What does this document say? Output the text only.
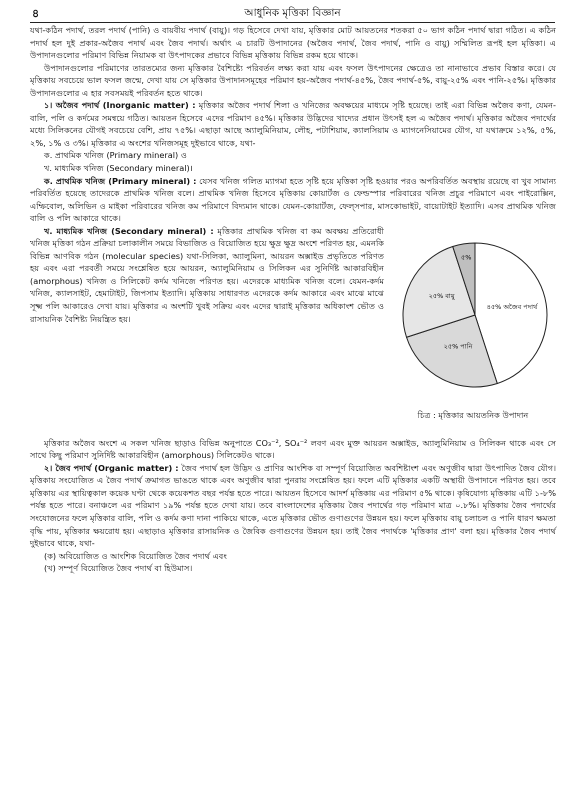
৪	আধুনিক মৃত্তিকা বিজ্ঞান

যথা-কঠিন পদার্থ, তরল পদার্থ (পানি) ও বায়বীয় পদার্থ (বায়ু)। গড় হিসেবে দেখা যায়, মৃত্তিকার মোট আয়তনের শতকরা ৫০ ভাগ কঠিন পদার্থ দ্বারা গঠিত। এ কঠিন পদার্থ হল দুই প্রকার-অজৈব পদার্থ এবং জৈব পদার্থ। অর্থাৎ এ চারটি উপাদানের (অজৈব পদার্থ, জৈব পদার্থ, পানি ও বায়ু) সম্মিলিত রূপই হল মৃত্তিকা। এ উপাদানগুলোর পরিমাণ বিভিন্ন নিয়ামক বা উৎপাদকের প্রভাবে বিভিন্ন মৃত্তিকায় বিভিন্ন রকম হয়ে থাকে।

উপাদানগুলোর পরিমাণের তারতম্যের জন্য মৃত্তিকার বৈশিষ্ট্যে পরিবর্তন লক্ষ্য করা যায় এবং ফসল উৎপাদনের ক্ষেত্রেও তা নানাভাবে প্রভাব বিস্তার করে। যে মৃত্তিকায় সবচেয়ে ভাল ফসল জন্মে, দেখা যায় সে মৃত্তিকার উপাদানসমূহের পরিমাণ হয়-অজৈব পদার্থ-৪৫%, জৈব পদার্থ-৫%, বায়ু-২৫% এবং পানি-২৫%। মৃত্তিকার উপাদানগুলোর এ হার সবসময়ই পরিবর্তন হতে থাকে।

১। অজৈব পদার্থ (Inorganic matter) : মৃত্তিকার অজৈব পদার্থ শিলা ও খনিজের অবক্ষয়ের মাধ্যমে সৃষ্টি হয়েছে। তাই এরা বিভিন্ন অজৈব কণা, যেমন-বালি, পলি ও কর্দমের সমন্বয়ে গঠিত। আয়তন হিসেবে এদের পরিমাণ ৪৫%। মৃত্তিকার উদ্ভিদের খাদ্যের প্রধান উৎসই হল এ অজৈব পদার্থ। মৃত্তিকার অজৈব পদার্থের মধ্যে সিলিকনের যৌগই সবচেয়ে বেশি, প্রায় ৭৫%। এছাড়া আছে অ্যালুমিনিয়াম, লৌহ, পটাশিয়াম, ক্যালসিয়াম ও ম্যাগনেসিয়ামের যৌগ, যা যথাক্রমে ১২%, ৫%, ২%, ১% ও ৩%। মৃত্তিকার এ অংশের খনিজসমূহ দুইভাবে থাকে, যথা-

ক. প্রাথমিক খনিজ (Primary mineral) ও

খ. মাধ্যমিক খনিজ (Secondary mineral)।

ক. প্রাথমিক খনিজ (Primary mineral) : যেসব খনিজ গলিত ম্যাগমা হতে সৃষ্টি হয়ে মৃত্তিকা সৃষ্টি হওয়ার পরও অপরিবর্তিত অবস্থায় রয়েছে বা খুব সামান্য পরিবর্তিত হয়েছে তাদেরকে প্রাথমিক খনিজ বলে। প্রাথমিক খনিজ হিসেবে মৃত্তিকায় কোয়ার্টজ ও ফেল্ডস্পার পরিবারের খনিজ প্রচুর পরিমাণে এবং পাইরোক্সিন, এম্ফিবোল, অলিভিন ও মাইকা পরিবারের খনিজ কম পরিমাণে বিদ্যমান থাকে। যেমন-কোয়ার্টজ, ফেল্সপার, মাসকোভাইট, বায়োটাইট ইত্যাদি। এসব প্রাথমিক খনিজ বালি ও পলি আকারে থাকে।

৪৫% অজৈব পদার্থ
২৫% পানি
২৫% বায়ু
৫%
চিত্র : মৃত্তিকার আয়তনিক উপাদান

খ. মাধ্যমিক খনিজ (Secondary mineral) : মৃত্তিকার প্রাথমিক খনিজ বা কম অবক্ষয় প্রতিরোধী খনিজ মৃত্তিকা গঠন প্রক্রিয়া চলাকালীন সময়ে বিভাজিত ও বিয়োজিত হয়ে ক্ষুদ্র ক্ষুদ্র অংশে পরিণত হয়, এমনকি বিভিন্ন আণবিক গঠন (molecular species) যথা-সিলিকা, অ্যালুমিনা, আয়রন অক্সাইড প্রভৃতিতে পরিণত হয় এবং এরা পরবর্তী সময়ে সংশ্লেষিত হয়ে আয়রন, অ্যালুমিনিয়াম ও সিলিকন এর সুনির্দিষ্ট আকারবিহীন (amorphous) খনিজ ও সিলিকেট কর্দম খনিজে পরিণত হয়। এদেরকে মাধ্যমিক খনিজ বলে। যেমন-কর্দম খনিজ, ক্যালসাইট, হেমাটাইট, জিপসাম ইত্যাদি। মৃত্তিকায় সাধারণত এদেরকে কর্দম আকারে এবং মাঝে মাঝে সূক্ষ্ম পলি আকারেও দেখা যায়। মৃত্তিকার এ অংশটি খুবই সক্রিয় এবং এদের দ্বারাই মৃত্তিকার অধিকাংশ ভৌত ও রাসায়নিক বৈশিষ্ট্য নিয়ন্ত্রিত হয়।

মৃত্তিকার অজৈব অংশে এ সকল খনিজ ছাড়াও বিভিন্ন অনুপাতে CO₃⁻², SO₄⁻² লবণ এবং মুক্ত আয়রন অক্সাইড, অ্যালুমিনিয়াম ও সিলিকন থাকে এবং সে সাথে কিছু পরিমাণ সুনির্দিষ্ট আকারবিহীন (amorphous) সিলিকেটও থাকে।

২। জৈব পদার্থ (Organic matter) : জৈব পদার্থ হল উদ্ভিদ ও প্রাণির আংশিক বা সম্পূর্ণ বিয়োজিত অবশিষ্টাংশ এবং অণুজীব দ্বারা উৎপাদিত জৈব যৌগ। মৃত্তিকায় সংযোজিত এ জৈব পদার্থ ক্রমাগত ভাঙতে থাকে এবং অণুজীব দ্বারা পুনরায় সংশ্লেষিত হয়। ফলে এটি মৃত্তিকার একটি অস্থায়ী উপাদানে পরিণত হয়। তবে মৃত্তিকায় এর স্থায়িত্বকাল কয়েক ঘণ্টা থেকে কয়েকশত বছর পর্যন্ত হতে পারে। আয়তন হিসেবে আদর্শ মৃত্তিকায় এর পরিমাণ ৫% থাকে। কৃষিযোগ্য মৃত্তিকায় এটি ১-৮% পর্যন্ত হতে পারে। বনাঞ্চলে এর পরিমাণ ১৯% পর্যন্ত হতে দেখা যায়। তবে বাংলাদেশের মৃত্তিকায় জৈব পদার্থের গড় পরিমাণ মাত্র ০.৮%। মৃত্তিকায় জৈব পদার্থের সংযোজনের ফলে মৃত্তিকার বালি, পলি ও কর্দম কণা দানা পাকিয়ে থাকে, এতে মৃত্তিকার ভৌত গুণাগুণের উন্নয়ন হয়। ফলে মৃত্তিকায় বায়ু চলাচল ও পানি ধারণ ক্ষমতা বৃদ্ধি পায়, মৃত্তিকার ক্ষয়রোধ হয়। এছাড়াও মৃত্তিকার রাসায়নিক ও জৈবিক গুণাগুণের উন্নয়ন হয়। তাই জৈব পদার্থকে 'মৃত্তিকার প্রাণ' বলা হয়। মৃত্তিকার জৈব পদার্থ দুইভাবে থাকে, যথা-

(ক) অবিয়োজিত ও আংশিক বিয়োজিত জৈব পদার্থ এবং

(খ) সম্পূর্ণ বিয়োজিত জৈব পদার্থ বা হিউমাস।
